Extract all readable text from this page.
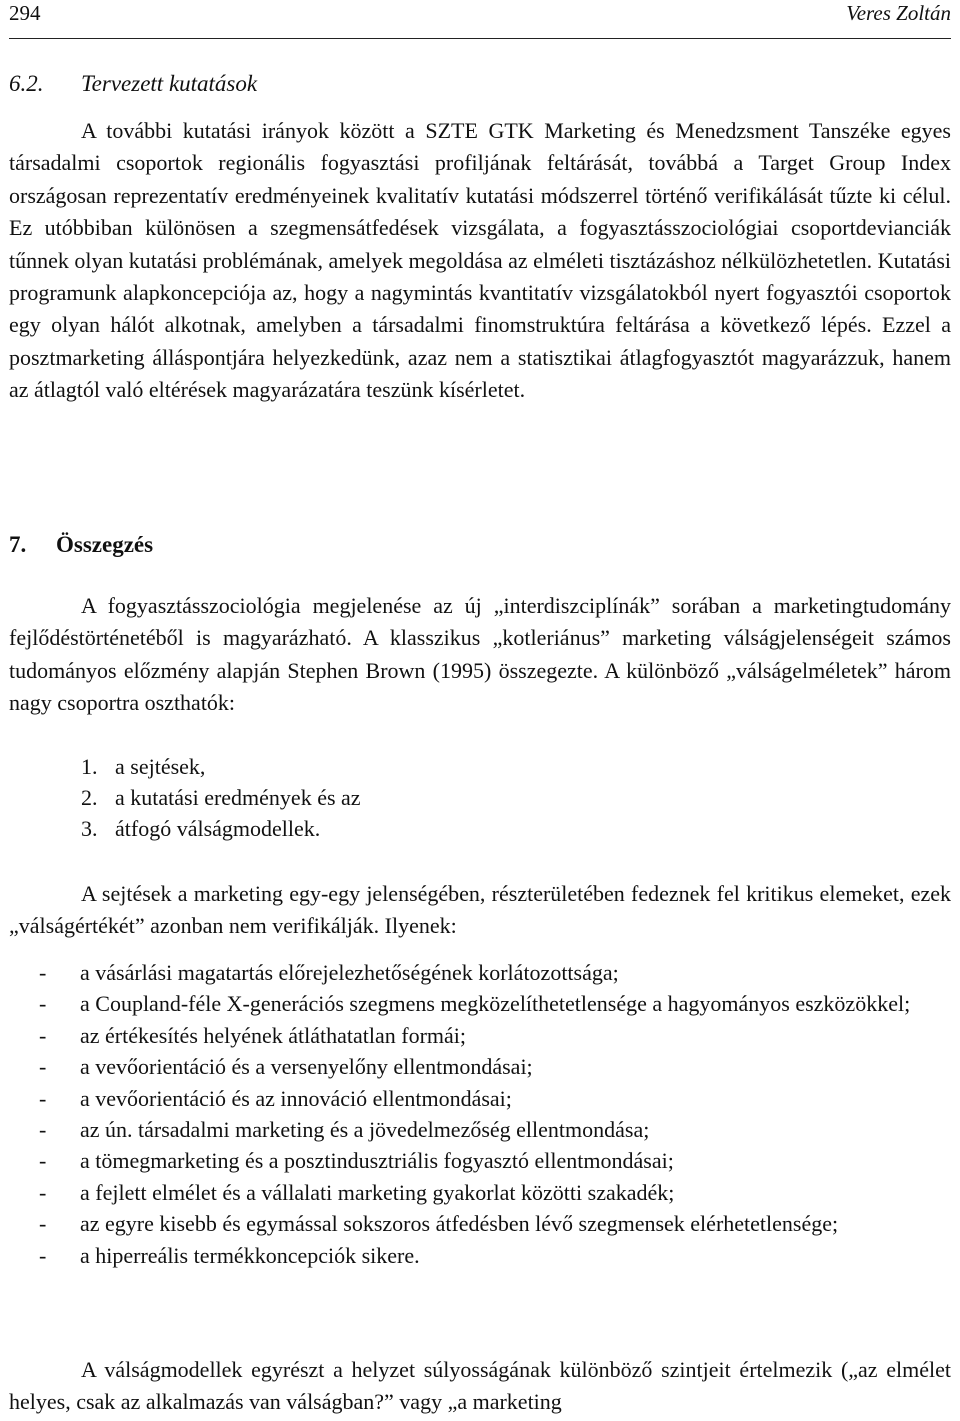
294	Veres Zoltán
6.2. Tervezett kutatások

A további kutatási irányok között a SZTE GTK Marketing és Menedzsment Tanszéke egyes társadalmi csoportok regionális fogyasztási profiljának feltárását, továbbá a Target Group Index országosan reprezentatív eredményeinek kvalitatív kutatási módszerrel történő verifikálását tűzte ki célul. Ez utóbbiban különösen a szegmensátfedések vizsgálata, a fogyasztásszociológiai csoportdevianciák tűnnek olyan kutatási problémának, amelyek megoldása az elméleti tisztázáshoz nélkülözhetetlen. Kutatási programunk alapkoncepciója az, hogy a nagymintás kvantitatív vizsgálatokból nyert fogyasztói csoportok egy olyan hálót alkotnak, amelyben a társadalmi finomstruktúra feltárása a következő lépés. Ezzel a posztmarketing álláspontjára helyezkedünk, azaz nem a statisztikai átlagfogyasztót magyarázzuk, hanem az átlagtól való eltérések magyarázatára teszünk kísérletet.

7. Összegzés

A fogyasztásszociológia megjelenése az új „interdiszciplínák” sorában a marketingtudomány fejlődéstörténetéből is magyarázható. A klasszikus „kotleriánus” marketing válságjelenségeit számos tudományos előzmény alapján Stephen Brown (1995) összegezte. A különböző „válságelméletek” három nagy csoportra oszthatók:

1. a sejtések,
2. a kutatási eredmények és az
3. átfogó válságmodellek.

A sejtések a marketing egy-egy jelenségében, részterületében fedeznek fel kritikus elemeket, ezek „válságértékét” azonban nem verifikálják. Ilyenek:

-	a vásárlási magatartás előrejelezhetőségének korlátozottsága;
-	a Coupland-féle X-generációs szegmens megközelíthetetlensége a hagyományos eszközökkel;
-	az értékesítés helyének átláthatatlan formái;
-	a vevőorientáció és a versenyelőny ellentmondásai;
-	a vevőorientáció és az innováció ellentmondásai;
-	az ún. társadalmi marketing és a jövedelmezőség ellentmondása;
-	a tömegmarketing és a posztindusztriális fogyasztó ellentmondásai;
-	a fejlett elmélet és a vállalati marketing gyakorlat közötti szakadék;
-	az egyre kisebb és egymással sokszoros átfedésben lévő szegmensek elérhetetlensége;
-	a hiperreális termékkoncepciók sikere.

A válságmodellek egyrészt a helyzet súlyosságának különböző szintjeit értelmezik („az elmélet helyes, csak az alkalmazás van válságban?” vagy „a marketing
